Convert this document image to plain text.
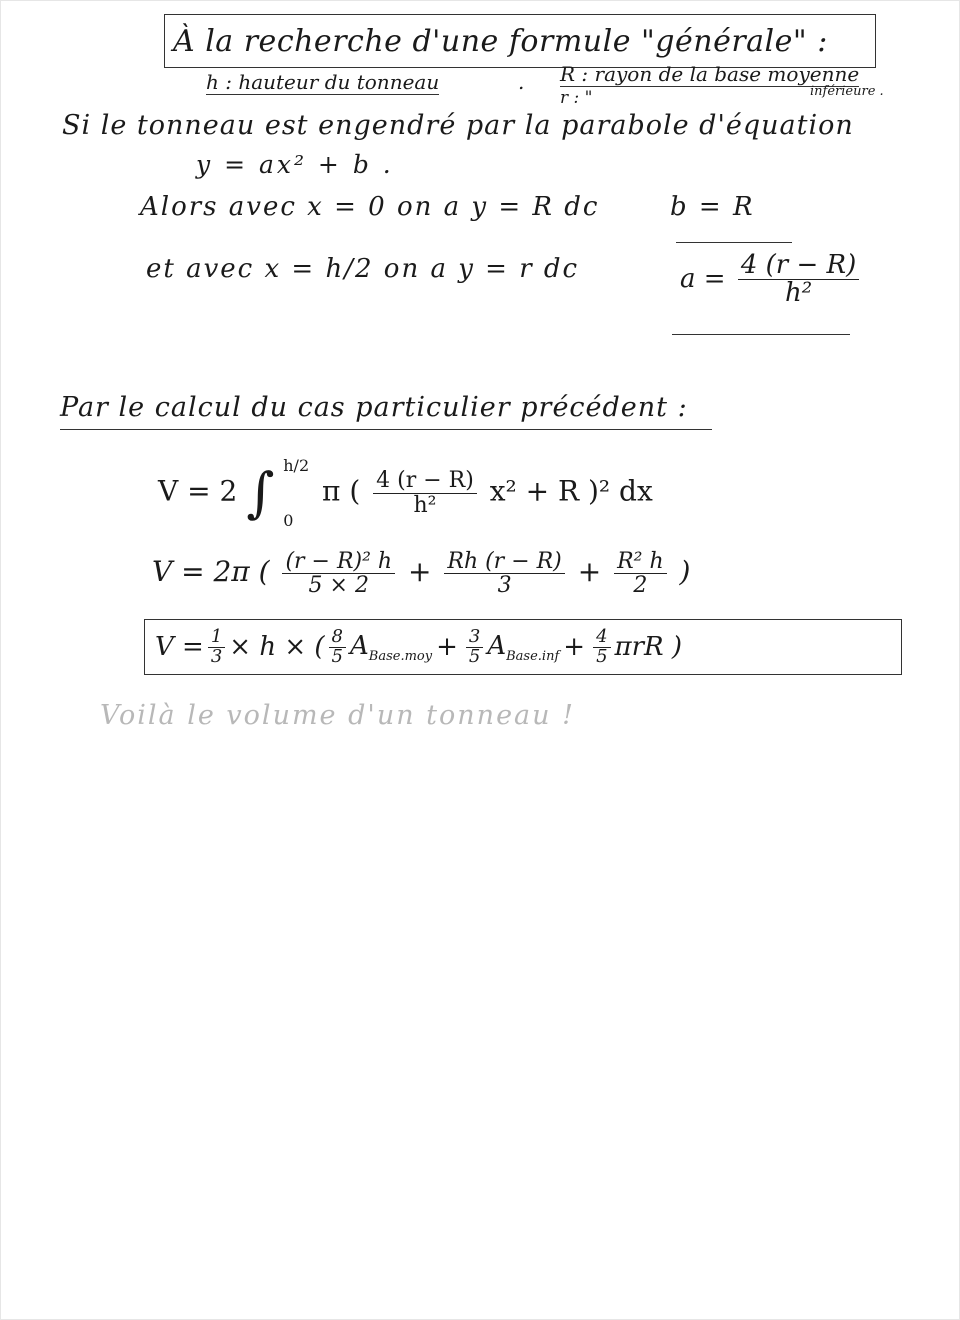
À la recherche d'une formule "générale" :
h : hauteur du tonneau	. R : rayon de la base moyenne
r : "	inférieure .
Si le tonneau est engendré par la parabole d'équation
y = ax² + b .
Alors avec x = 0 on a y = R dc	b = R
et avec x = h/2 on a y = r dc	$a = \frac{4 (r - R)}{\text{h²}}$
Par le calcul du cas particulier précédent :
V = 2 ∫ h/2
0
π ( $\frac{4 (r - R)}{\text{h²}} x^2 + R$ )² dx
V = 2π ( $\frac{\text{(r − R)² h}}{5 \times 2} + \frac{Rh (r - R)}{3} + \frac{\text{R² h}}{2}$ )
$V = \frac{1}{3} \times h$ × ( $\frac{8}{5} A_{Base.moy} + \frac{3}{5} A_{Base.inf} + \frac{4}{5}$ πrR )
Voilà le volume d'un tonneau !
